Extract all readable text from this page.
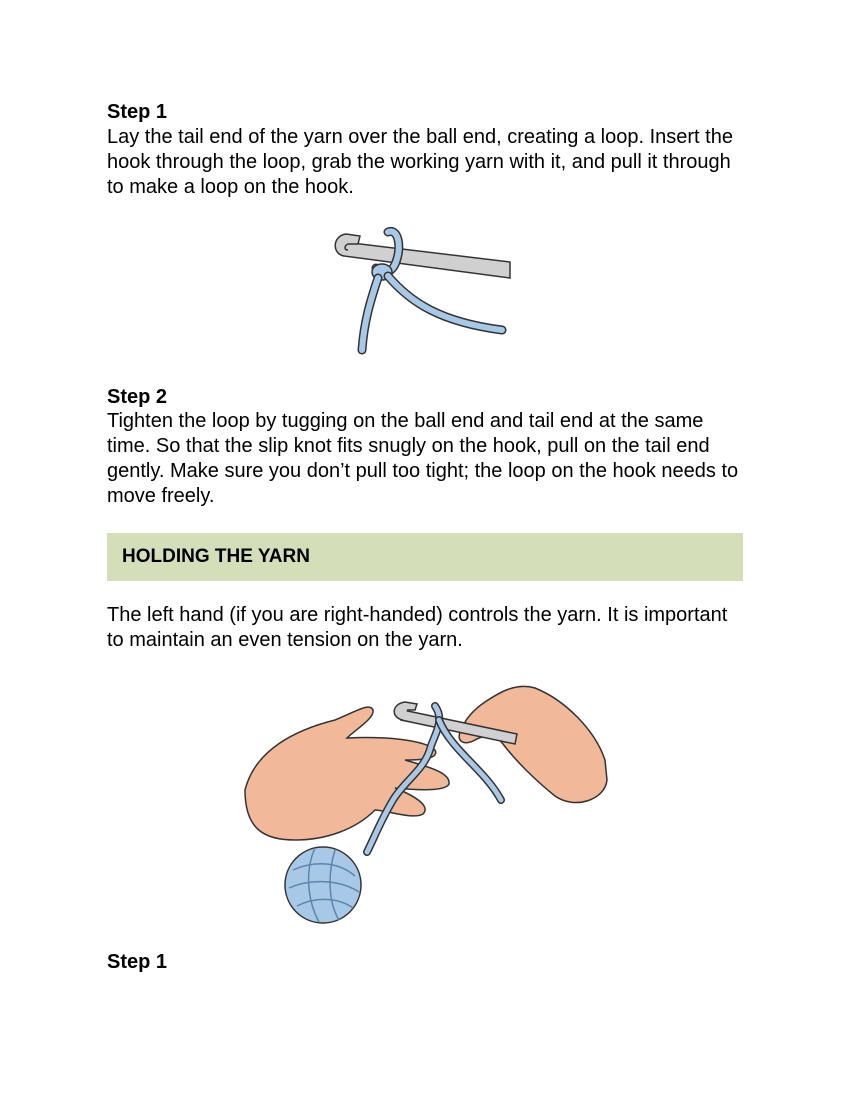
Step 1
Lay the tail end of the yarn over the ball end, creating a loop. Insert the hook through the loop, grab the working yarn with it, and pull it through to make a loop on the hook.
Step 2
Tighten the loop by tugging on the ball end and tail end at the same time. So that the slip knot fits snugly on the hook, pull on the tail end gently. Make sure you don’t pull too tight; the loop on the hook needs to move freely.
HOLDING THE YARN
The left hand (if you are right-handed) controls the yarn. It is important to maintain an even tension on the yarn.
Step 1
